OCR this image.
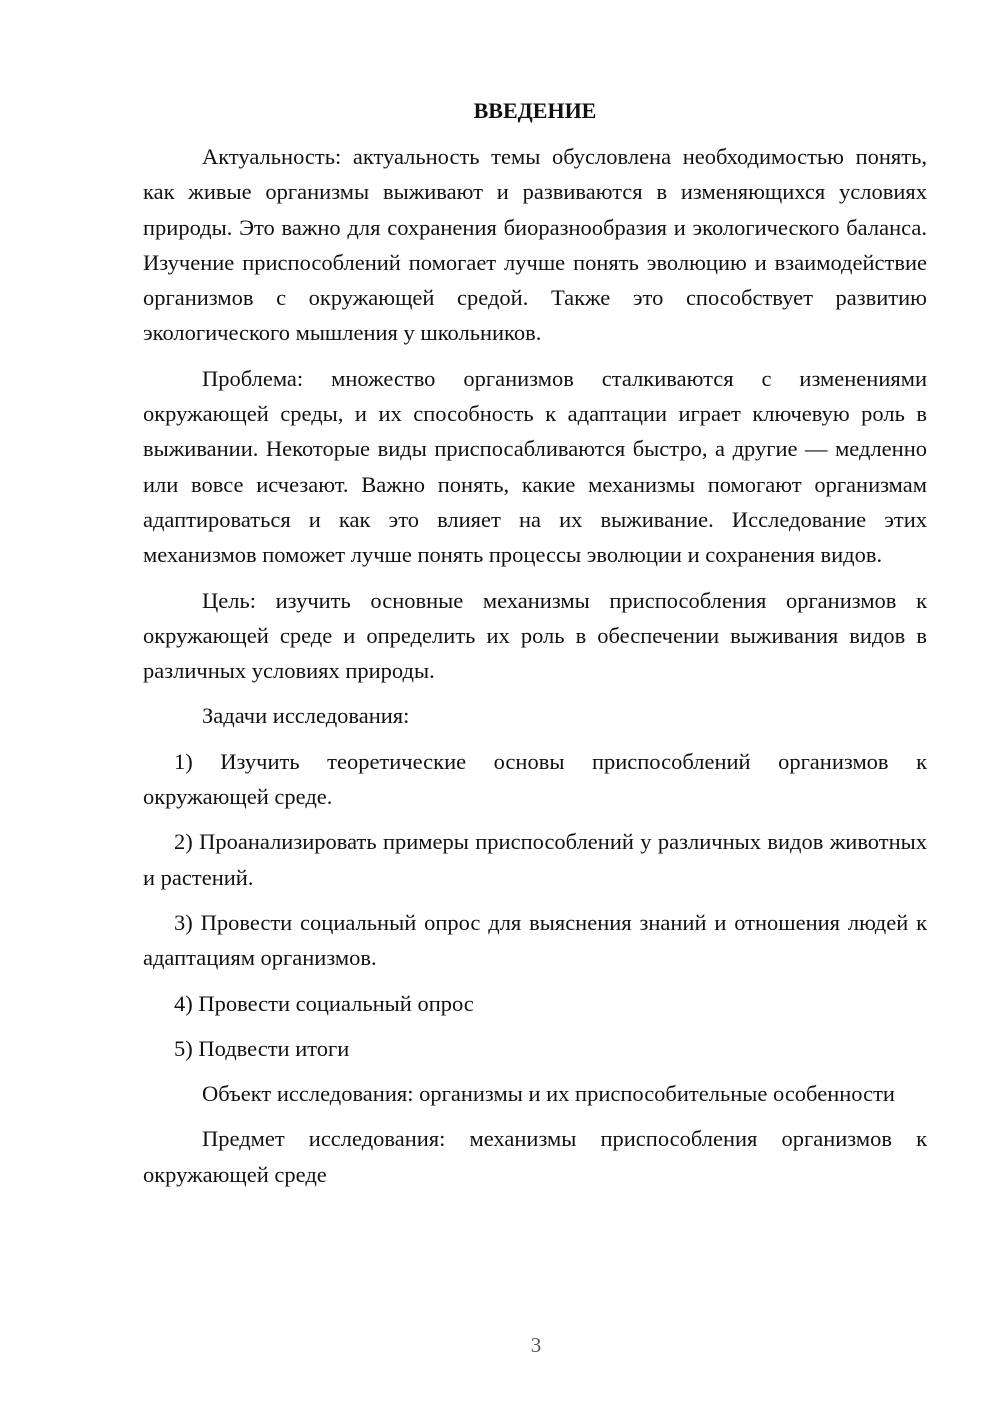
ВВЕДЕНИЕ

Актуальность: актуальность темы обусловлена необходимостью понять, как живые организмы выживают и развиваются в изменяющихся условиях природы. Это важно для сохранения биоразнообразия и экологического баланса. Изучение приспособлений помогает лучше понять эволюцию и взаимодействие организмов с окружающей средой. Также это способствует развитию экологического мышления у школьников.

Проблема: множество организмов сталкиваются с изменениями окружающей среды, и их способность к адаптации играет ключевую роль в выживании. Некоторые виды приспосабливаются быстро, а другие — медленно или вовсе исчезают. Важно понять, какие механизмы помогают организмам адаптироваться и как это влияет на их выживание. Исследование этих механизмов поможет лучше понять процессы эволюции и сохранения видов.

Цель: изучить основные механизмы приспособления организмов к окружающей среде и определить их роль в обеспечении выживания видов в различных условиях природы.

Задачи исследования:

1) Изучить теоретические основы приспособлений организмов к окружающей среде.

2) Проанализировать примеры приспособлений у различных видов животных и растений.

3) Провести социальный опрос для выяснения знаний и отношения людей к адаптациям организмов.

4) Провести социальный опрос

5) Подвести итоги

Объект исследования: организмы и их приспособительные особенности

Предмет исследования: механизмы приспособления организмов к окружающей среде

3
